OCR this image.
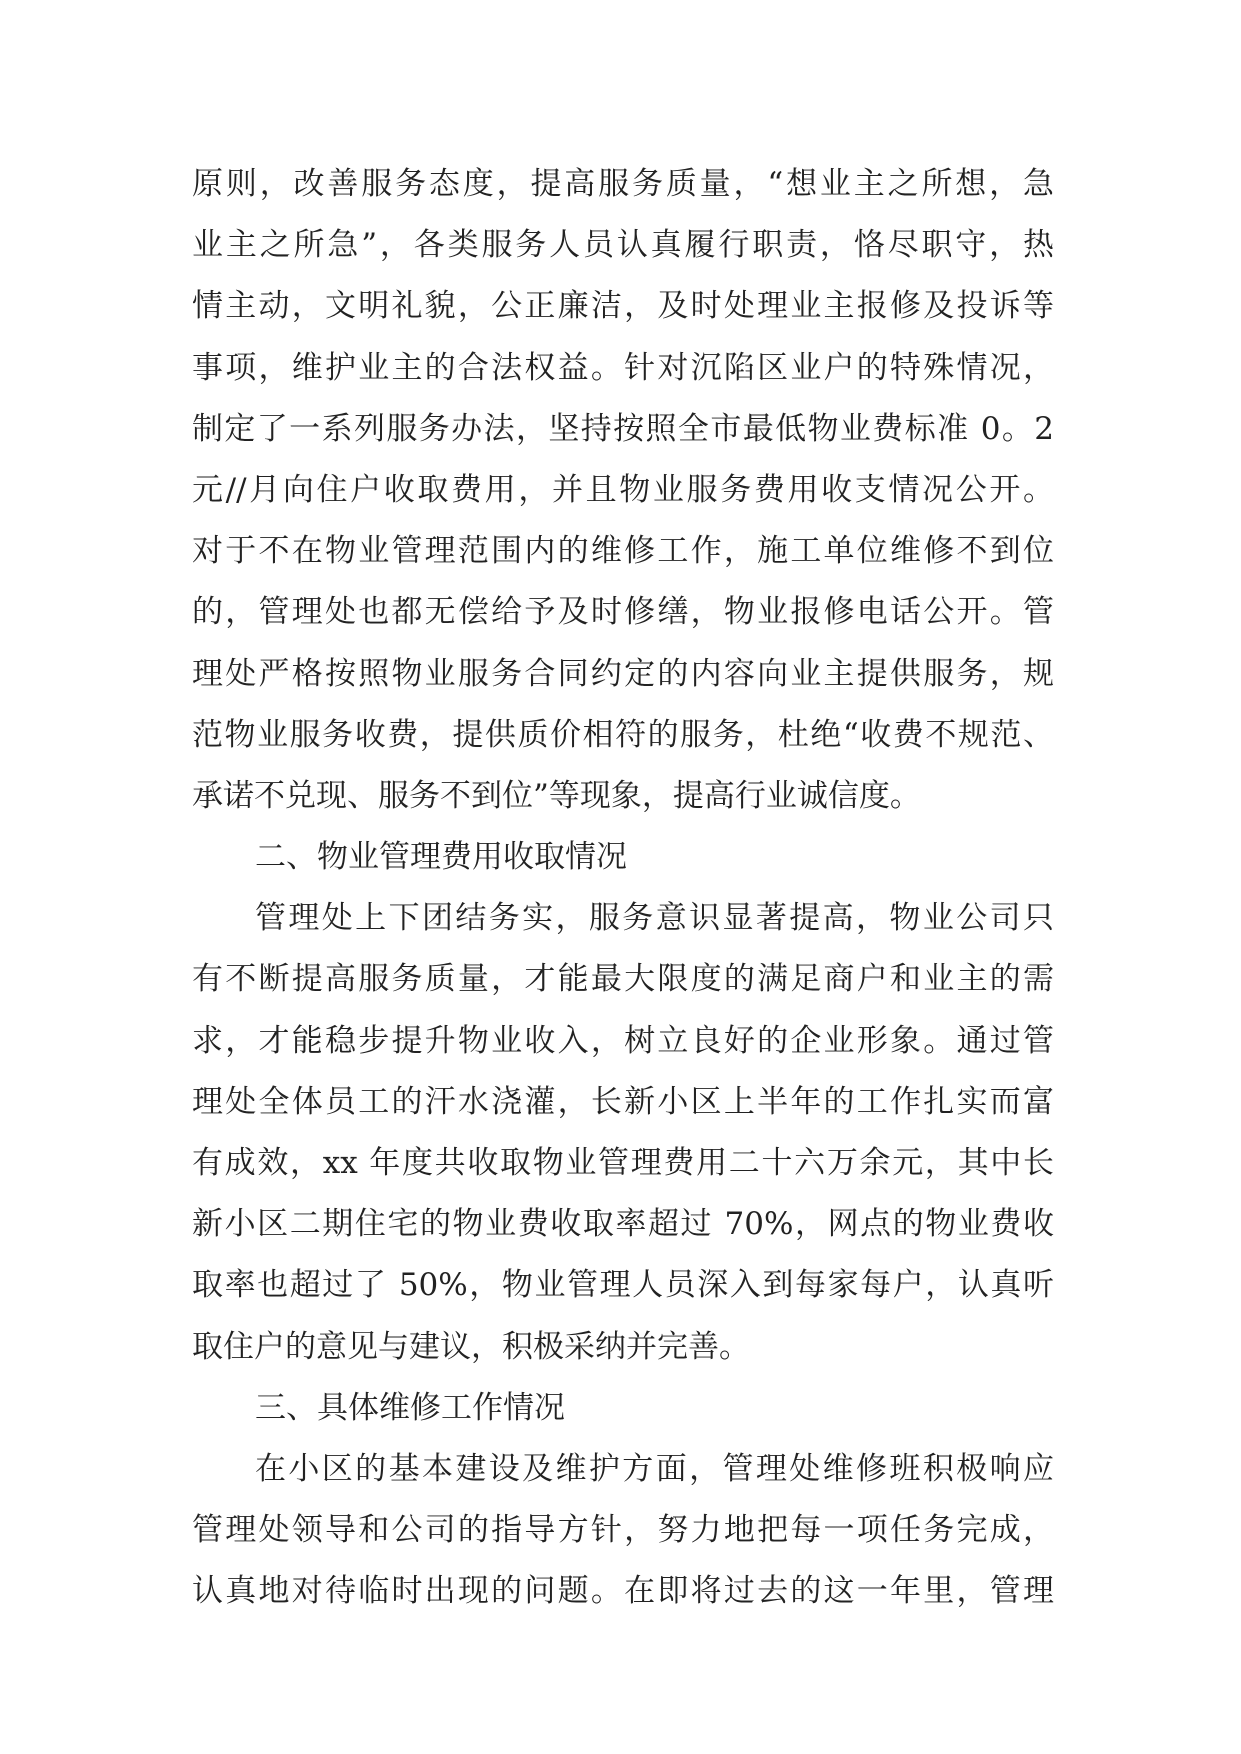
原则，改善服务态度，提高服务质量，“想业主之所想，急
业主之所急”，各类服务人员认真履行职责，恪尽职守，热
情主动，文明礼貌，公正廉洁，及时处理业主报修及投诉等
事项，维护业主的合法权益。针对沉陷区业户的特殊情况，
制定了一系列服务办法，坚持按照全市最低物业费标准 0。2
元//月向住户收取费用，并且物业服务费用收支情况公开。
对于不在物业管理范围内的维修工作，施工单位维修不到位
的，管理处也都无偿给予及时修缮，物业报修电话公开。管
理处严格按照物业服务合同约定的内容向业主提供服务，规
范物业服务收费，提供质价相符的服务，杜绝“收费不规范、
承诺不兑现、服务不到位”等现象，提高行业诚信度。
二、物业管理费用收取情况
管理处上下团结务实，服务意识显著提高，物业公司只
有不断提高服务质量，才能最大限度的满足商户和业主的需
求，才能稳步提升物业收入，树立良好的企业形象。通过管
理处全体员工的汗水浇灌，长新小区上半年的工作扎实而富
有成效，xx 年度共收取物业管理费用二十六万余元，其中长
新小区二期住宅的物业费收取率超过 70%，网点的物业费收
取率也超过了 50%，物业管理人员深入到每家每户，认真听
取住户的意见与建议，积极采纳并完善。
三、具体维修工作情况
在小区的基本建设及维护方面，管理处维修班积极响应
管理处领导和公司的指导方针，努力地把每一项任务完成，
认真地对待临时出现的问题。在即将过去的这一年里，管理
